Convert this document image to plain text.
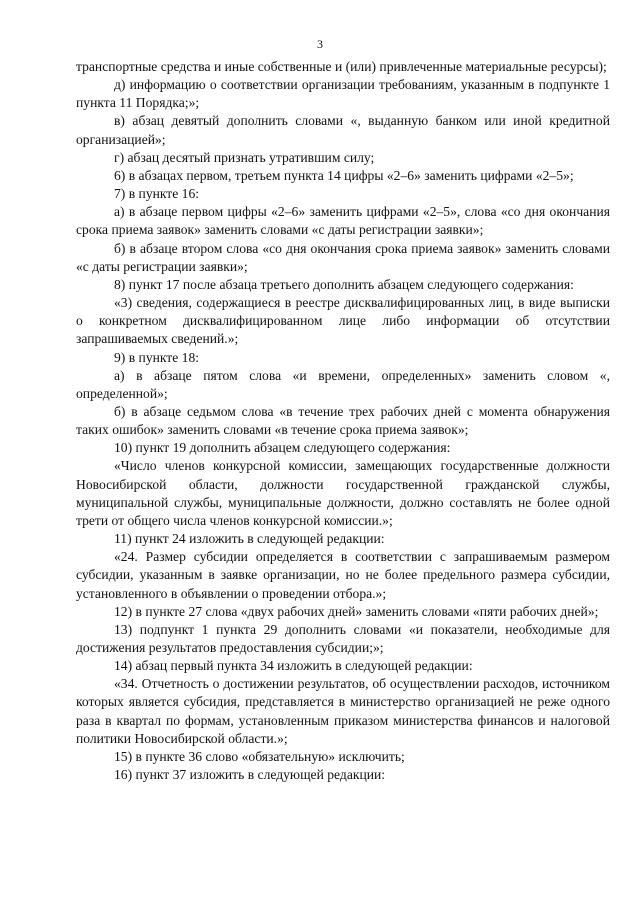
3

транспортные средства и иные собственные и (или) привлеченные материальные ресурсы);

д) информацию о соответствии организации требованиям, указанным в подпункте 1 пункта 11 Порядка;»;

в) абзац девятый дополнить словами «, выданную банком или иной кредитной организацией»;

г) абзац десятый признать утратившим силу;

6) в абзацах первом, третьем пункта 14 цифры «2–6» заменить цифрами «2–5»;

7) в пункте 16:

а) в абзаце первом цифры «2–6» заменить цифрами «2–5», слова «со дня окончания срока приема заявок» заменить словами «с даты регистрации заявки»;

б) в абзаце втором слова «со дня окончания срока приема заявок» заменить словами «с даты регистрации заявки»;

8) пункт 17 после абзаца третьего дополнить абзацем следующего содержания:

«3) сведения, содержащиеся в реестре дисквалифицированных лиц, в виде выписки о конкретном дисквалифицированном лице либо информации об отсутствии запрашиваемых сведений.»;

9) в пункте 18:

а) в абзаце пятом слова «и времени, определенных» заменить словом «, определенной»;

б) в абзаце седьмом слова «в течение трех рабочих дней с момента обнаружения таких ошибок» заменить словами «в течение срока приема заявок»;

10) пункт 19 дополнить абзацем следующего содержания:

«Число членов конкурсной комиссии, замещающих государственные должности Новосибирской области, должности государственной гражданской службы, муниципальной службы, муниципальные должности, должно составлять не более одной трети от общего числа членов конкурсной комиссии.»;

11) пункт 24 изложить в следующей редакции:

«24. Размер субсидии определяется в соответствии с запрашиваемым размером субсидии, указанным в заявке организации, но не более предельного размера субсидии, установленного в объявлении о проведении отбора.»;

12) в пункте 27 слова «двух рабочих дней» заменить словами «пяти рабочих дней»;

13) подпункт 1 пункта 29 дополнить словами «и показатели, необходимые для достижения результатов предоставления субсидии;»;

14) абзац первый пункта 34 изложить в следующей редакции:

«34. Отчетность о достижении результатов, об осуществлении расходов, источником которых является субсидия, представляется в министерство организацией не реже одного раза в квартал по формам, установленным приказом министерства финансов и налоговой политики Новосибирской области.»;

15) в пункте 36 слово «обязательную» исключить;

16) пункт 37 изложить в следующей редакции:
